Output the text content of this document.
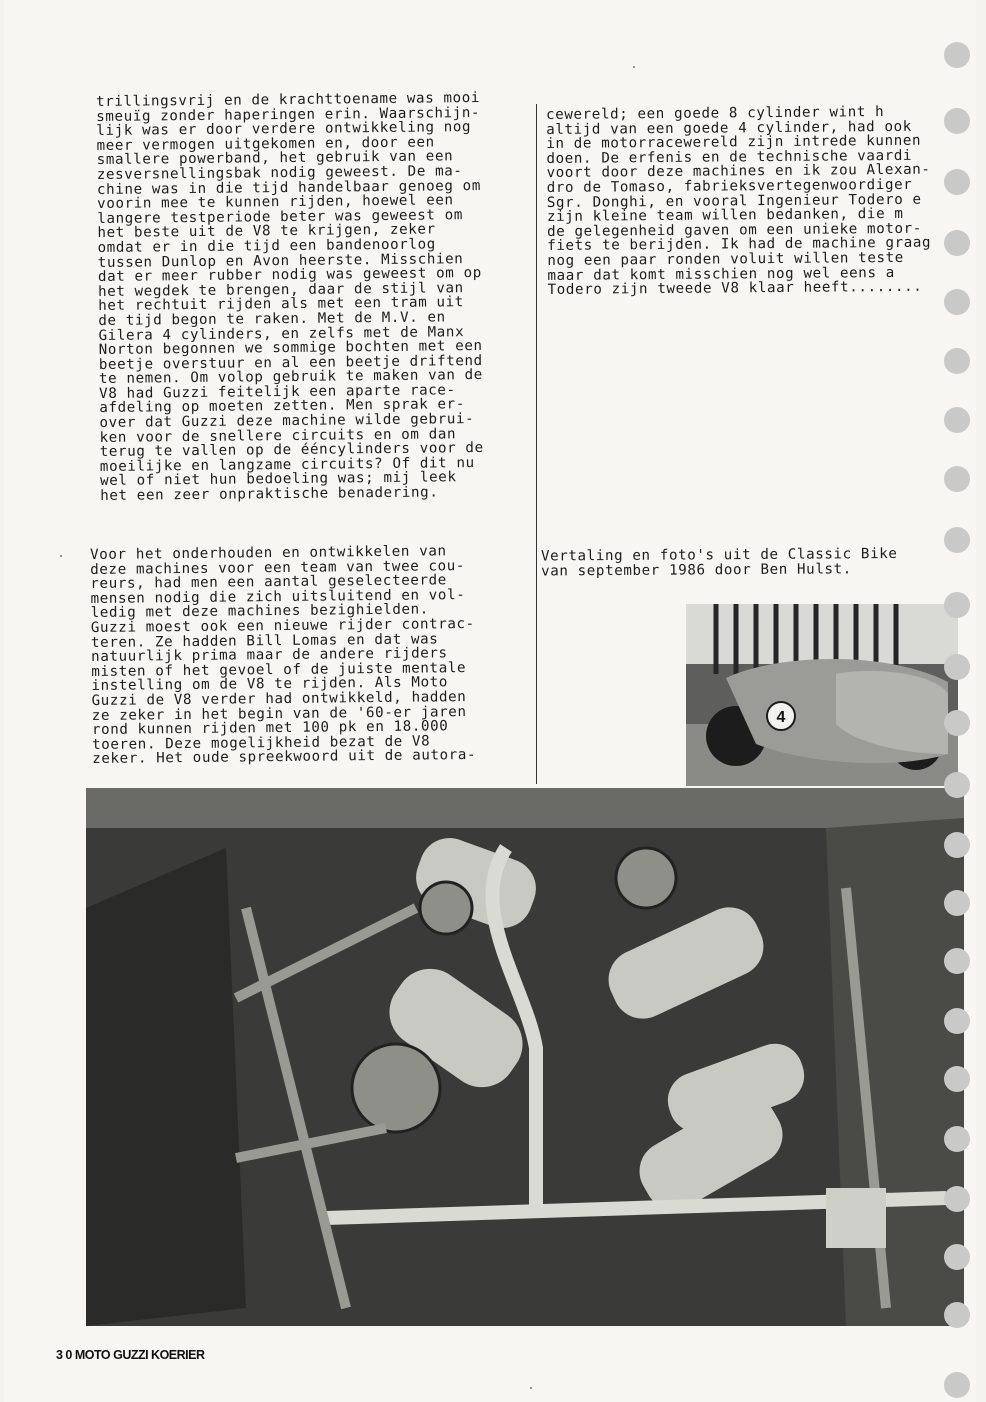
trillingsvrij en de krachttoename was mooi
smeuïg zonder haperingen erin. Waarschijn-
lijk was er door verdere ontwikkeling nog
meer vermogen uitgekomen en, door een
smallere powerband, het gebruik van een
zesversnellingsbak nodig geweest. De ma-
chine was in die tijd handelbaar genoeg om
voorin mee te kunnen rijden, hoewel een
langere testperiode beter was geweest om
het beste uit de V8 te krijgen, zeker
omdat er in die tijd een bandenoorlog
tussen Dunlop en Avon heerste. Misschien
dat er meer rubber nodig was geweest om op
het wegdek te brengen, daar de stijl van
het rechtuit rijden als met een tram uit
de tijd begon te raken. Met de M.V. en
Gilera 4 cylinders, en zelfs met de Manx
Norton begonnen we sommige bochten met een
beetje overstuur en al een beetje driftend
te nemen. Om volop gebruik te maken van de
V8 had Guzzi feitelijk een aparte race-
afdeling op moeten zetten. Men sprak er-
over dat Guzzi deze machine wilde gebrui-
ken voor de snellere circuits en om dan
terug te vallen op de ééncylinders voor de
moeilijke en langzame circuits? Of dit nu
wel of niet hun bedoeling was; mij leek
het een zeer onpraktische benadering.
Voor het onderhouden en ontwikkelen van
deze machines voor een team van twee cou-
reurs, had men een aantal geselecteerde
mensen nodig die zich uitsluitend en vol-
ledig met deze machines bezighielden.
Guzzi moest ook een nieuwe rijder contrac-
teren. Ze hadden Bill Lomas en dat was
natuurlijk prima maar de andere rijders
misten of het gevoel of de juiste mentale
instelling om de V8 te rijden. Als Moto
Guzzi de V8 verder had ontwikkeld, hadden
ze zeker in het begin van de '60-er jaren
rond kunnen rijden met 100 pk en 18.000
toeren. Deze mogelijkheid bezat de V8
zeker. Het oude spreekwoord uit de autora-
cewereld; een goede 8 cylinder wint h
altijd van een goede 4 cylinder, had ook
in de motorracewereld zijn intrede kunnen
doen. De erfenis en de technische vaardi
voort door deze machines en ik zou Alexan-
dro de Tomaso, fabrieksvertegenwoordiger
Sgr. Donghi, en vooral Ingenieur Todero e
zijn kleine team willen bedanken, die m
de gelegenheid gaven om een unieke motor-
fiets te berijden. Ik had de machine graag
nog een paar ronden voluit willen teste
maar dat komt misschien nog wel eens a
Todero zijn tweede V8 klaar heeft........
Vertaling en foto's uit de Classic Bike
van september 1986 door Ben Hulst.
4
3 0 MOTO GUZZI KOERIER
